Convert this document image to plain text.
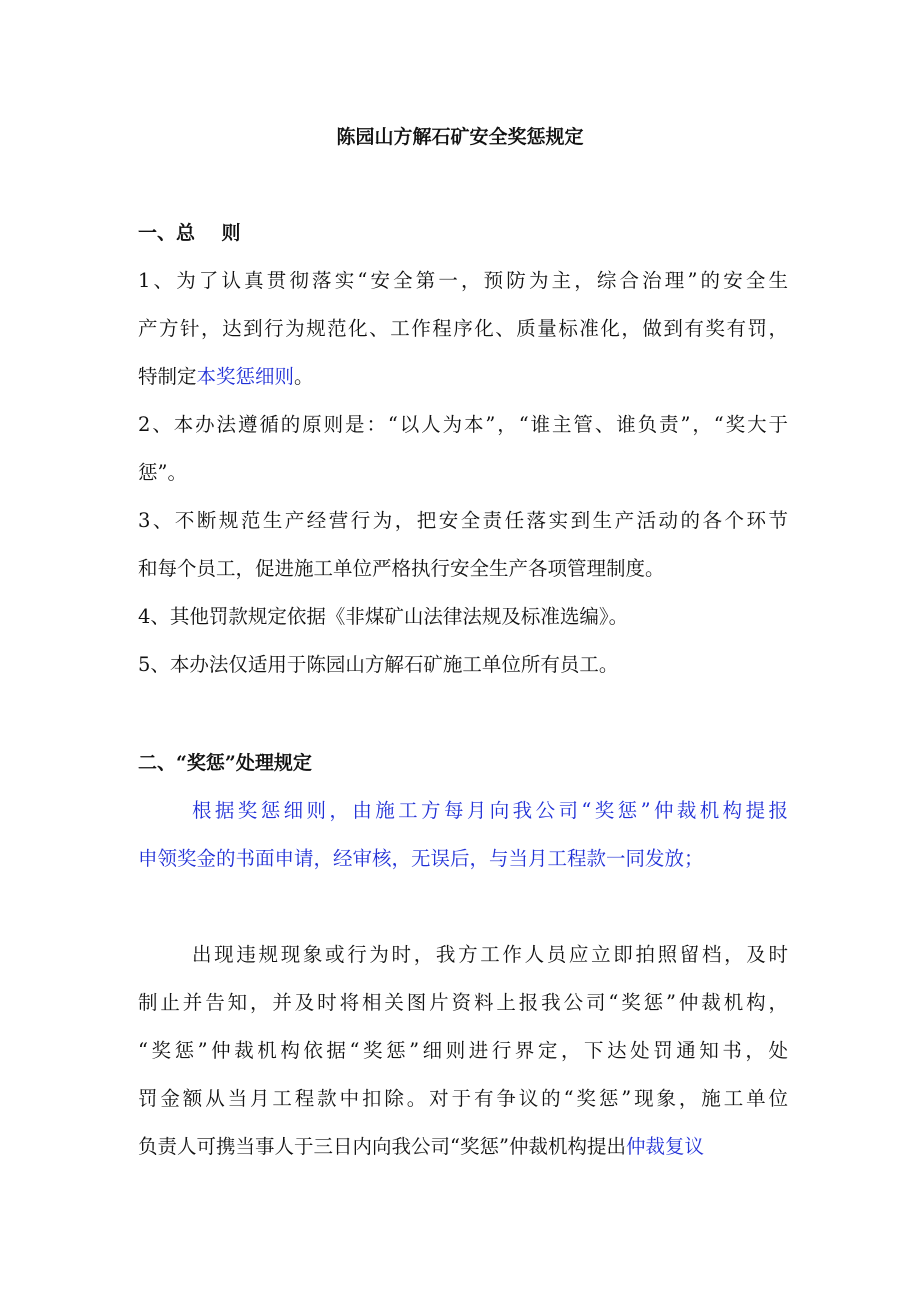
陈园山方解石矿安全奖惩规定
一、总    则
1、为了认真贯彻落实“安全第一，预防为主，综合治理”的安全生
产方针，达到行为规范化、工作程序化、质量标准化，做到有奖有罚，
特制定本奖惩细则。
2、本办法遵循的原则是：“以人为本”，“谁主管、谁负责”，“奖大于
惩”。
3、不断规范生产经营行为，把安全责任落实到生产活动的各个环节
和每个员工，促进施工单位严格执行安全生产各项管理制度。
4、其他罚款规定依据《非煤矿山法律法规及标准选编》。
5、本办法仅适用于陈园山方解石矿施工单位所有员工。
二、“奖惩”处理规定
根据奖惩细则，由施工方每月向我公司“奖惩”仲裁机构提报
申领奖金的书面申请，经审核，无误后，与当月工程款一同发放；
出现违规现象或行为时，我方工作人员应立即拍照留档，及时
制止并告知，并及时将相关图片资料上报我公司“奖惩”仲裁机构，
“奖惩”仲裁机构依据“奖惩”细则进行界定，下达处罚通知书，处
罚金额从当月工程款中扣除。对于有争议的“奖惩”现象，施工单位
负责人可携当事人于三日内向我公司“奖惩”仲裁机构提出仲裁复议
